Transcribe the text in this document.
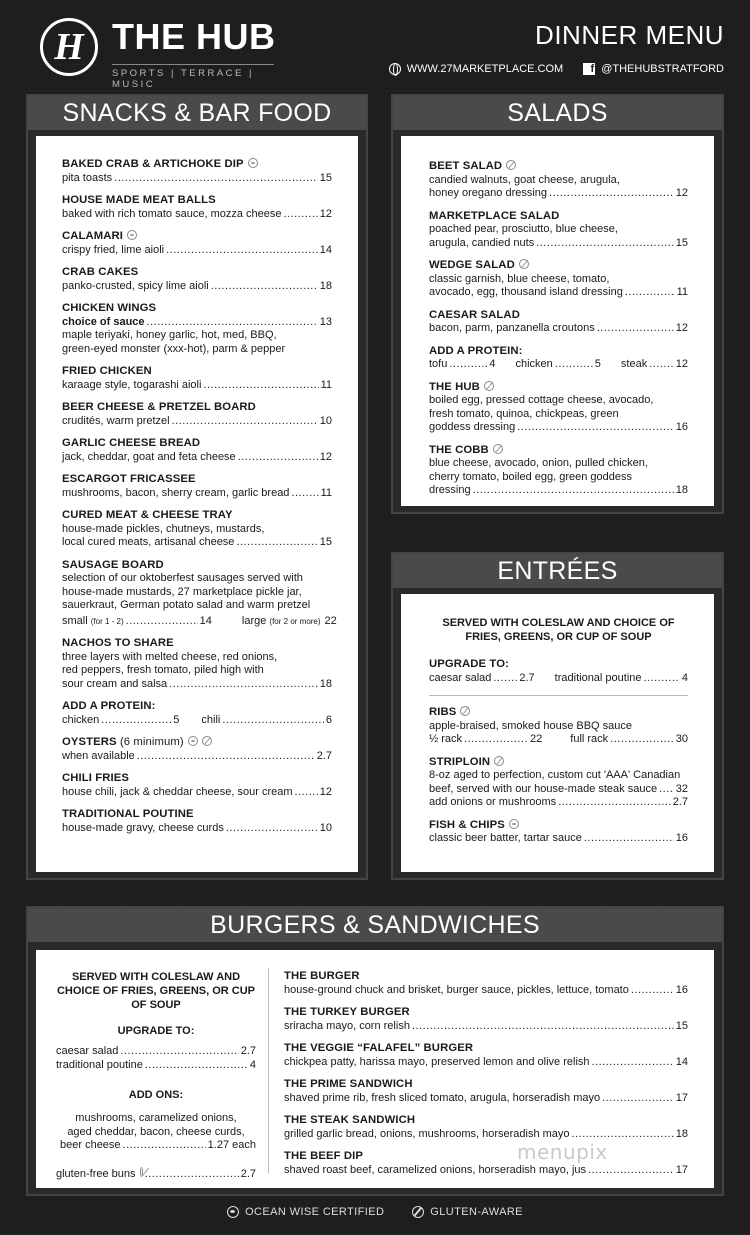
H THE HUB
SPORTS | TERRACE | MUSIC
DINNER MENU
WWW.27MARKETPLACE.COM	f @THEHUBSTRATFORD
SNACKS & BAR FOOD
BAKED CRAB & ARTICHOKE DIP
pita toasts .....	15
HOUSE MADE MEAT BALLS
baked with rich tomato sauce, mozza cheese .....	12
CALAMARI
crispy fried, lime aioli .....	14
CRAB CAKES
panko-crusted, spicy lime aioli .....	18
CHICKEN WINGS
choice of sauce .....	13
maple teriyaki, honey garlic, hot, med, BBQ,
green-eyed monster (xxx-hot), parm & pepper
FRIED CHICKEN
karaage style, togarashi aioli .....	11
BEER CHEESE & PRETZEL BOARD
crudités, warm pretzel .....	10
GARLIC CHEESE BREAD
jack, cheddar, goat and feta cheese .....	12
ESCARGOT FRICASSEE
mushrooms, bacon, sherry cream, garlic bread .....	11
CURED MEAT & CHEESE TRAY
house-made pickles, chutneys, mustards,
local cured meats, artisanal cheese .....	15
SAUSAGE BOARD
selection of our oktoberfest sausages served with
house-made mustards, 27 marketplace pickle jar,
sauerkraut, German potato salad and warm pretzel
small (for 1 - 2) .....	14	large (for 2 or more) 22
NACHOS TO SHARE
three layers with melted cheese, red onions,
red peppers, fresh tomato, piled high with
sour cream and salsa .....	18
ADD A PROTEIN:
chicken .....	5 chili .....	6
OYSTERS (6 minimum)
when available .....	2.7
CHILI FRIES
house chili, jack & cheddar cheese, sour cream ..... 12
TRADITIONAL POUTINE
house-made gravy, cheese curds .....	10
SALADS
BEET SALAD
candied walnuts, goat cheese, arugula,
honey oregano dressing .....	12
MARKETPLACE SALAD
poached pear, prosciutto, blue cheese,
arugula, candied nuts .....	15
WEDGE SALAD
classic garnish, blue cheese, tomato,
avocado, egg, thousand island dressing .....	11
CAESAR SALAD
bacon, parm, panzanella croutons .....	12
ADD A PROTEIN:
tofu .....	4 chicken .....	5 steak .....	12
THE HUB
boiled egg, pressed cottage cheese, avocado,
fresh tomato, quinoa, chickpeas, green
goddess dressing .....	16
THE COBB
blue cheese, avocado, onion, pulled chicken,
cherry tomato, boiled egg, green goddess
dressing .....	18
ENTRÉES
SERVED WITH COLESLAW AND CHOICE OF FRIES, GREENS, OR CUP OF SOUP
UPGRADE TO:
caesar salad .....	2.7 traditional poutine .....	4
RIBS
apple-braised, smoked house BBQ sauce
½ rack .....	22	full rack .....	30
STRIPLOIN
8-oz aged to perfection, custom cut 'AAA' Canadian
beef, served with our house-made steak sauce ..... 32
add onions or mushrooms .....	2.7
FISH & CHIPS
classic beer batter, tartar sauce .....	16
BURGERS & SANDWICHES
SERVED WITH COLESLAW AND CHOICE OF FRIES, GREENS, OR CUP OF SOUP
UPGRADE TO:
caesar salad .....	2.7
traditional poutine .....	4
ADD ONS:
mushrooms, caramelized onions,
aged cheddar, bacon, cheese curds,
beer cheese .....	1.27 each
gluten-free buns .....	2.7
THE BURGER
house-ground chuck and brisket, burger sauce, pickles, lettuce, tomato .....	16
THE TURKEY BURGER
sriracha mayo, corn relish .....	15
THE VEGGIE “FALAFEL” BURGER
chickpea patty, harissa mayo, preserved lemon and olive relish .....	14
THE PRIME SANDWICH
shaved prime rib, fresh sliced tomato, arugula, horseradish mayo .....	17
THE STEAK SANDWICH
grilled garlic bread, onions, mushrooms, horseradish mayo .....	18
THE BEEF DIP
shaved roast beef, caramelized onions, horseradish mayo, jus .....	17
menupix
OCEAN WISE CERTIFIED	GLUTEN-AWARE
